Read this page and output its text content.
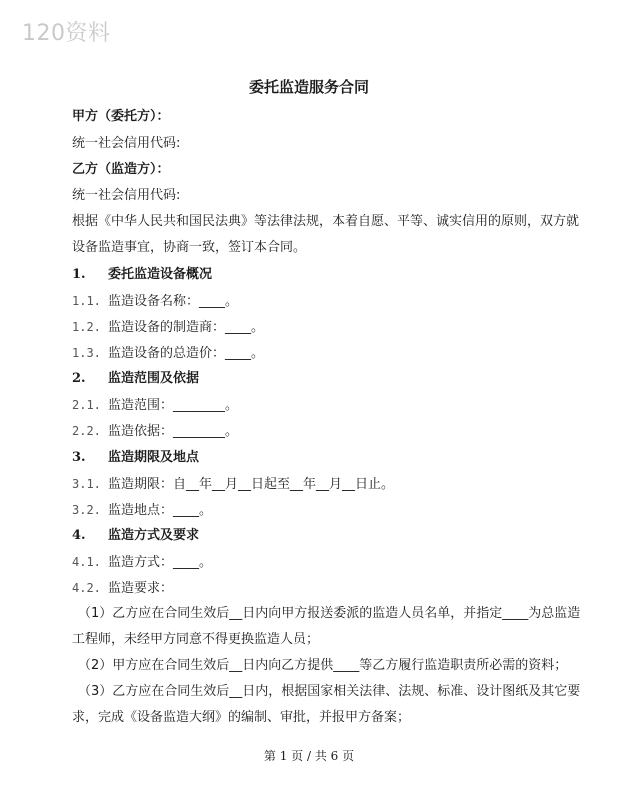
120资料
委托监造服务合同
甲方（委托方）：
统一社会信用代码:
乙方（监造方）：
统一社会信用代码:
根据《中华人民共和国民法典》等法律法规，本着自愿、平等、诚实信用的原则，双方就
设备监造事宜，协商一致，签订本合同。
1. 委托监造设备概况
1.1. 监造设备名称：____。
1.2. 监造设备的制造商：____。
1.3. 监造设备的总造价：____。
2. 监造范围及依据
2.1. 监造范围：________。
2.2. 监造依据：________。
3. 监造期限及地点
3.1. 监造期限：自__年__月__日起至__年__月__日止。
3.2. 监造地点：____。
4. 监造方式及要求
4.1. 监造方式：____。
4.2. 监造要求：
（1）乙方应在合同生效后__日内向甲方报送委派的监造人员名单，并指定____为总监造
工程师，未经甲方同意不得更换监造人员；
（2）甲方应在合同生效后__日内向乙方提供____等乙方履行监造职责所必需的资料；
（3）乙方应在合同生效后__日内，根据国家相关法律、法规、标准、设计图纸及其它要
求，完成《设备监造大纲》的编制、审批，并报甲方备案；
第 1 页 / 共 6 页
